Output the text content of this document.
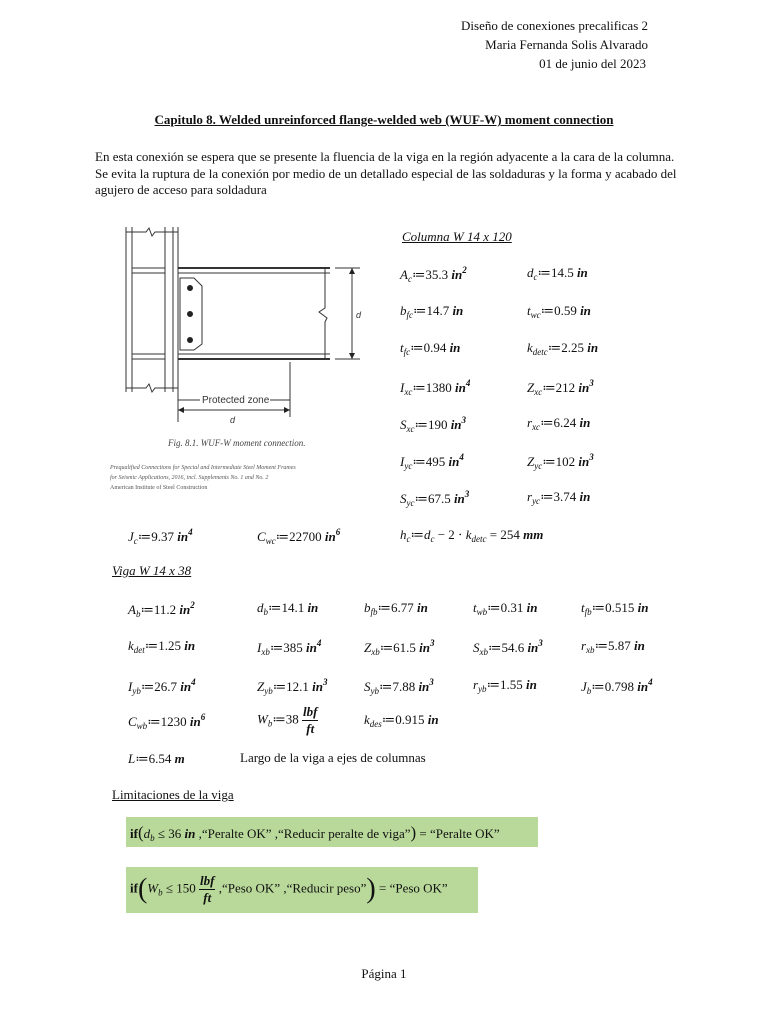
Diseño de conexiones precalificas 2
Maria Fernanda Solis Alvarado
01 de junio del 2023
Capitulo 8. Welded unreinforced flange-welded web (WUF-W) moment connection
En esta conexión se espera que se presente la fluencia de la viga en la región adyacente a la cara de la columna. Se evita la ruptura de la conexión por medio de un detallado especial de las soldaduras y la forma y acabado del agujero de acceso para soldadura
d
Protected zone
d
Fig. 8.1. WUF-W moment connection.
Prequalified Connections for Special and Intermediate Steel Moment Frames
for Seismic Applications, 2016, incl. Supplements No. 1 and No. 2
American Institute of Steel Construction
Columna W 14 x 120
$A_c≔35.3$ $in^2$	$d_c≔14.5$ in
$b_{fc}≔14.7$ in	$t_{wc}≔0.59$ in
$t_{fc}≔0.94$ in	$k_{detc}≔2.25$ in
$I_{xc}≔1380$ $in^4$	$Z_{xc}≔212$ $in^3$
$S_{xc}≔190$ $in^3$	$r_{xc}≔6.24$ in
$I_{yc}≔495$ $in^4$	$Z_{yc}≔102$ $in^3$
$S_{yc}≔67.5$ $in^3$	$r_{yc}≔3.74$ in
$J_c≔9.37$ $in^4$	$C_{wc}≔22700$ $in^6$	$h_c≔d_c - 2 \cdot k_{detc} = 254$ mm
Viga W 14 x 38
$A_b≔11.2$ $in^2$	$d_b≔14.1$ in	$b_{fb}≔6.77$ in	$t_{wb}≔0.31$ in	$t_{fb}≔0.515$ in
$k_{det}≔1.25$ in	$I_{xb}≔385$ $in^4$	$Z_{xb}≔61.5$ $in^3$	$S_{xb}≔54.6$ $in^3$	$r_{xb}≔5.87$ in
$I_{yb}≔26.7$ $in^4$	$Z_{yb}≔12.1$ $in^3$	$S_{yb}≔7.88$ $in^3$	$r_{yb}≔1.55$ in	$J_b≔0.798$ $in^4$
$C_{wb}≔1230$ $in^6$	$W_b≔38 \frac{\text{lbf}}{ft}$	$k_{des}≔0.915$ in
L≔6.54 m	Largo de la viga a ejes de columnas
Limitaciones de la viga
$if(d_b \le 36$ in ,“Peralte OK” ,“Reducir peralte de viga”) = “Peralte OK”
$if(W_b \le 150 \frac{\text{lbf}}{ft}$ ,“Peso OK” ,“Reducir peso”) = “Peso OK”
Página 1
